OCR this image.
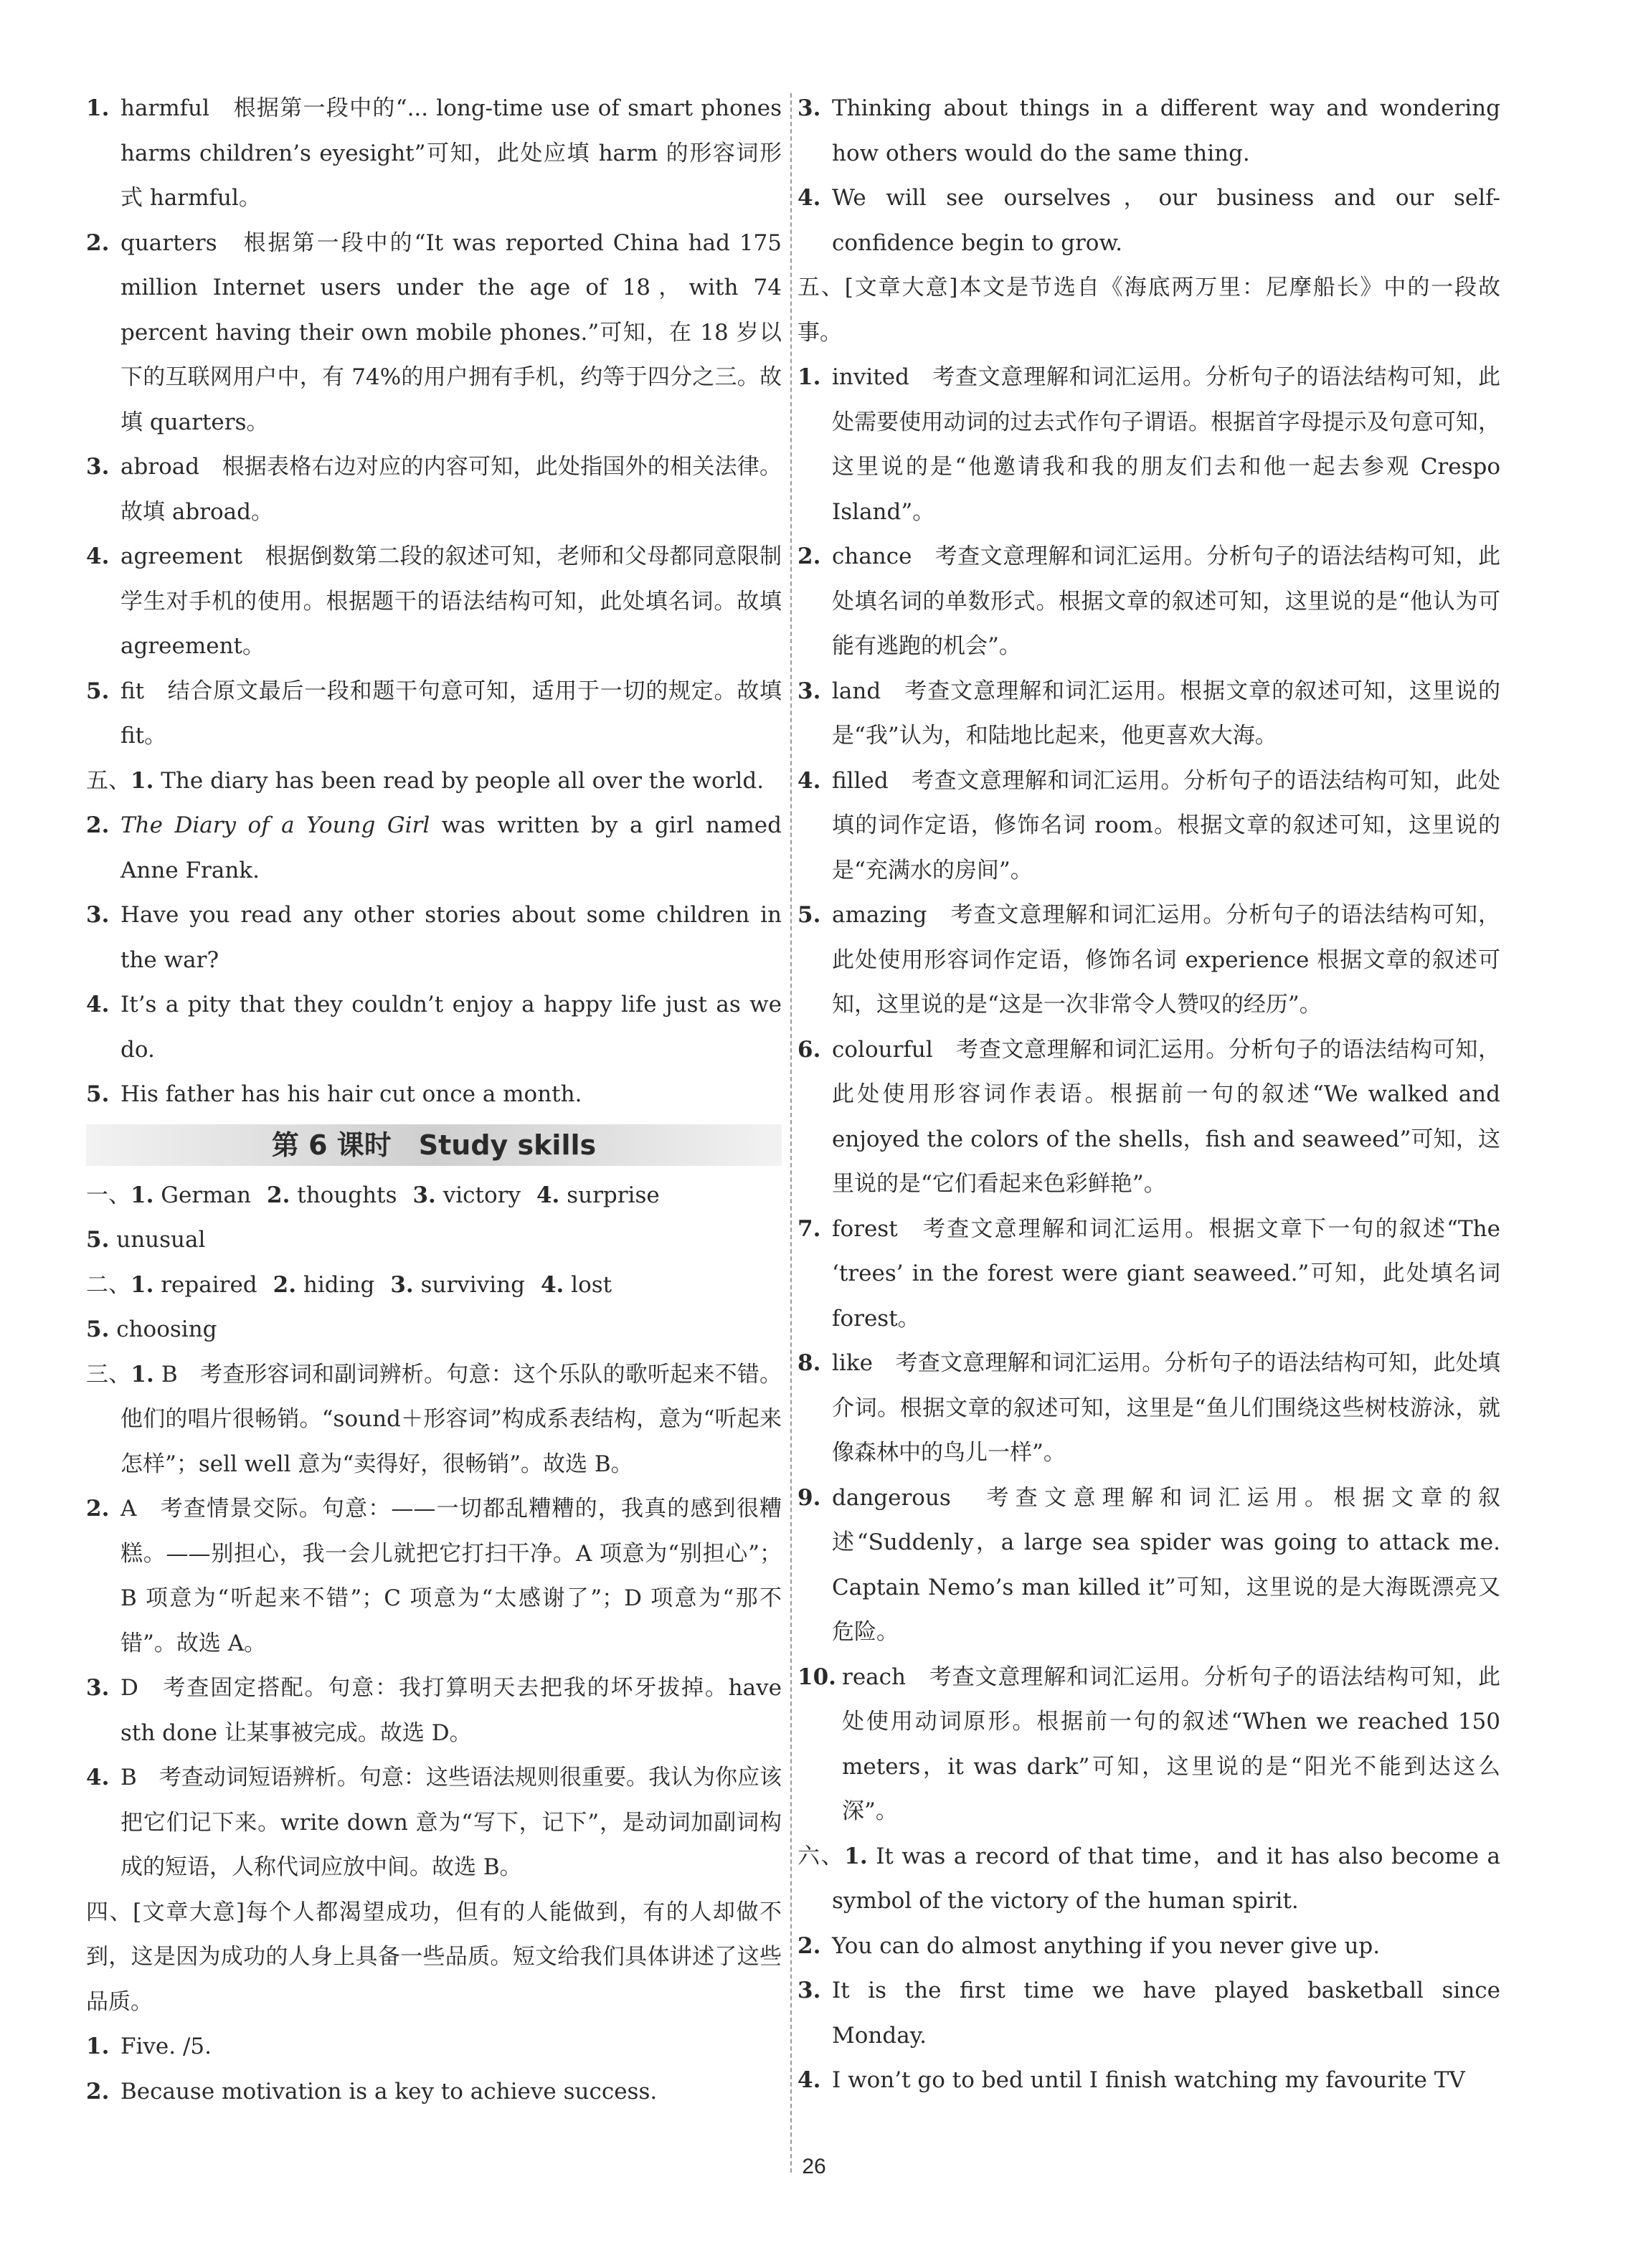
1. harmful　根据第一段中的“... long-time use of smart phones harms children’s eyesight”可知，此处应填 harm 的形容词形式 harmful。
2. quarters　根据第一段中的“It was reported China had 175 million Internet users under the age of 18，with 74 percent having their own mobile phones.”可知，在 18 岁以下的互联网用户中，有 74%的用户拥有手机，约等于四分之三。故填 quarters。
3. abroad　根据表格右边对应的内容可知，此处指国外的相关法律。故填 abroad。
4. agreement　根据倒数第二段的叙述可知，老师和父母都同意限制学生对手机的使用。根据题干的语法结构可知，此处填名词。故填 agreement。
5. fit　结合原文最后一段和题干句意可知，适用于一切的规定。故填 fit。
五、1. The diary has been read by people all over the world.
2. The Diary of a Young Girl was written by a girl named Anne Frank.
3. Have you read any other stories about some children in the war?
4. It’s a pity that they couldn’t enjoy a happy life just as we do.
5. His father has his hair cut once a month.
第 6 课时　Study skills
一、1. German 2. thoughts 3. victory 4. surprise
5. unusual
二、1. repaired 2. hiding 3. surviving 4. lost
5. choosing
三、1. B　考查形容词和副词辨析。句意：这个乐队的歌听起来不错。他们的唱片很畅销。“sound＋形容词”构成系表结构，意为“听起来怎样”；sell well 意为“卖得好，很畅销”。故选 B。
2. A　考查情景交际。句意：——一切都乱糟糟的，我真的感到很糟糕。——别担心，我一会儿就把它打扫干净。A 项意为“别担心”；B 项意为“听起来不错”；C 项意为“太感谢了”；D 项意为“那不错”。故选 A。
3. D　考查固定搭配。句意：我打算明天去把我的坏牙拔掉。have sth done 让某事被完成。故选 D。
4. B　考查动词短语辨析。句意：这些语法规则很重要。我认为你应该把它们记下来。write down 意为“写下，记下”，是动词加副词构成的短语，人称代词应放中间。故选 B。
四、[文章大意]每个人都渴望成功，但有的人能做到，有的人却做不到，这是因为成功的人身上具备一些品质。短文给我们具体讲述了这些品质。
1. Five. /5.
2. Because motivation is a key to achieve success.
3. Thinking about things in a different way and wondering how others would do the same thing.
4. We will see ourselves，our business and our self-confidence begin to grow.
五、[文章大意]本文是节选自《海底两万里：尼摩船长》中的一段故事。
1. invited　考查文意理解和词汇运用。分析句子的语法结构可知，此处需要使用动词的过去式作句子谓语。根据首字母提示及句意可知，这里说的是“他邀请我和我的朋友们去和他一起去参观 Crespo Island”。
2. chance　考查文意理解和词汇运用。分析句子的语法结构可知，此处填名词的单数形式。根据文章的叙述可知，这里说的是“他认为可能有逃跑的机会”。
3. land　考查文意理解和词汇运用。根据文章的叙述可知，这里说的是“我”认为，和陆地比起来，他更喜欢大海。
4. filled　考查文意理解和词汇运用。分析句子的语法结构可知，此处填的词作定语，修饰名词 room。根据文章的叙述可知，这里说的是“充满水的房间”。
5. amazing　考查文意理解和词汇运用。分析句子的语法结构可知，此处使用形容词作定语，修饰名词 experience 根据文章的叙述可知，这里说的是“这是一次非常令人赞叹的经历”。
6. colourful　考查文意理解和词汇运用。分析句子的语法结构可知，此处使用形容词作表语。根据前一句的叙述“We walked and enjoyed the colors of the shells，fish and seaweed”可知，这里说的是“它们看起来色彩鲜艳”。
7. forest　考查文意理解和词汇运用。根据文章下一句的叙述“The ‘trees’ in the forest were giant seaweed.”可知，此处填名词 forest。
8. like　考查文意理解和词汇运用。分析句子的语法结构可知，此处填介词。根据文章的叙述可知，这里是“鱼儿们围绕这些树枝游泳，就像森林中的鸟儿一样”。
9. dangerous　考查文意理解和词汇运用。根据文章的叙述“Suddenly，a large sea spider was going to attack me. Captain Nemo’s man killed it”可知，这里说的是大海既漂亮又危险。
10. reach　考查文意理解和词汇运用。分析句子的语法结构可知，此处使用动词原形。根据前一句的叙述“When we reached 150 meters，it was dark”可知，这里说的是“阳光不能到达这么深”。
六、1. It was a record of that time，and it has also become a symbol of the victory of the human spirit.
2. You can do almost anything if you never give up.
3. It is the first time we have played basketball since Monday.
4. I won’t go to bed until I finish watching my favourite TV
26
